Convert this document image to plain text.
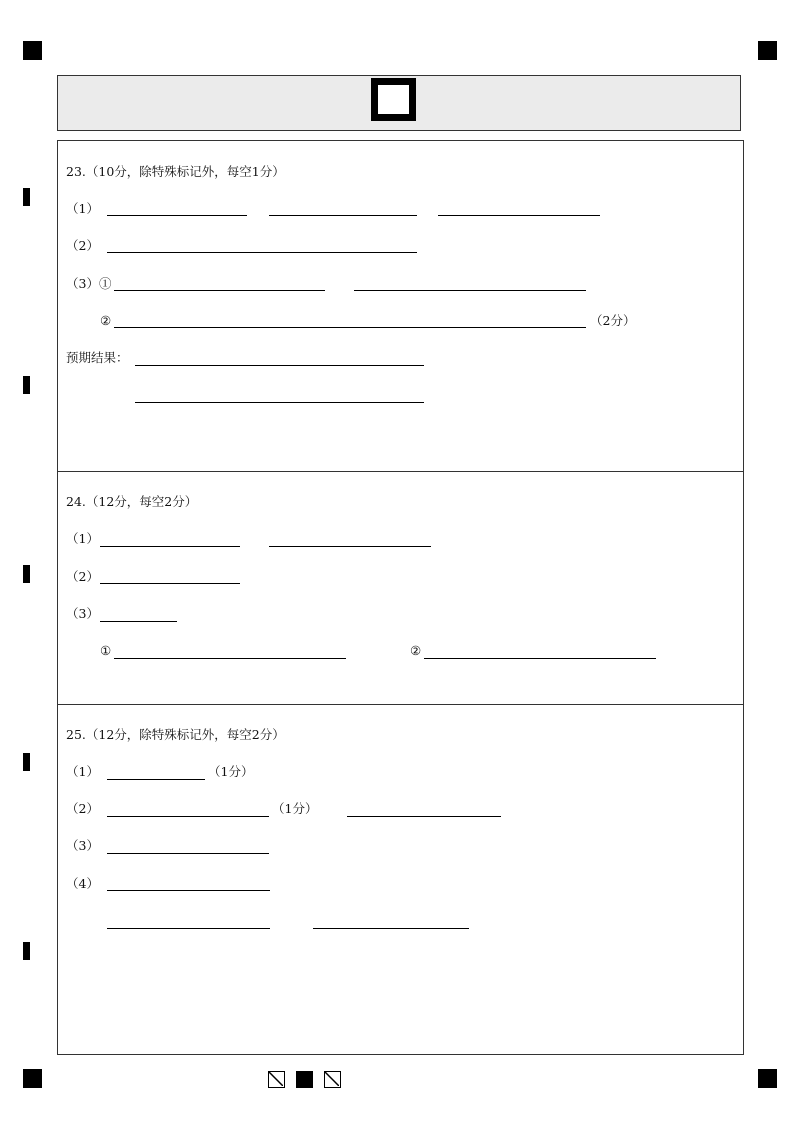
23.（10分，除特殊标记外，每空1分）
（1）
（2）
（3）①
②	（2分）
预期结果：
24.（12分，每空2分）
（1）
（2）
（3）
①	②
25.（12分，除特殊标记外，每空2分）
（1）	（1分）
（2）	（1分）
（3）
（4）
